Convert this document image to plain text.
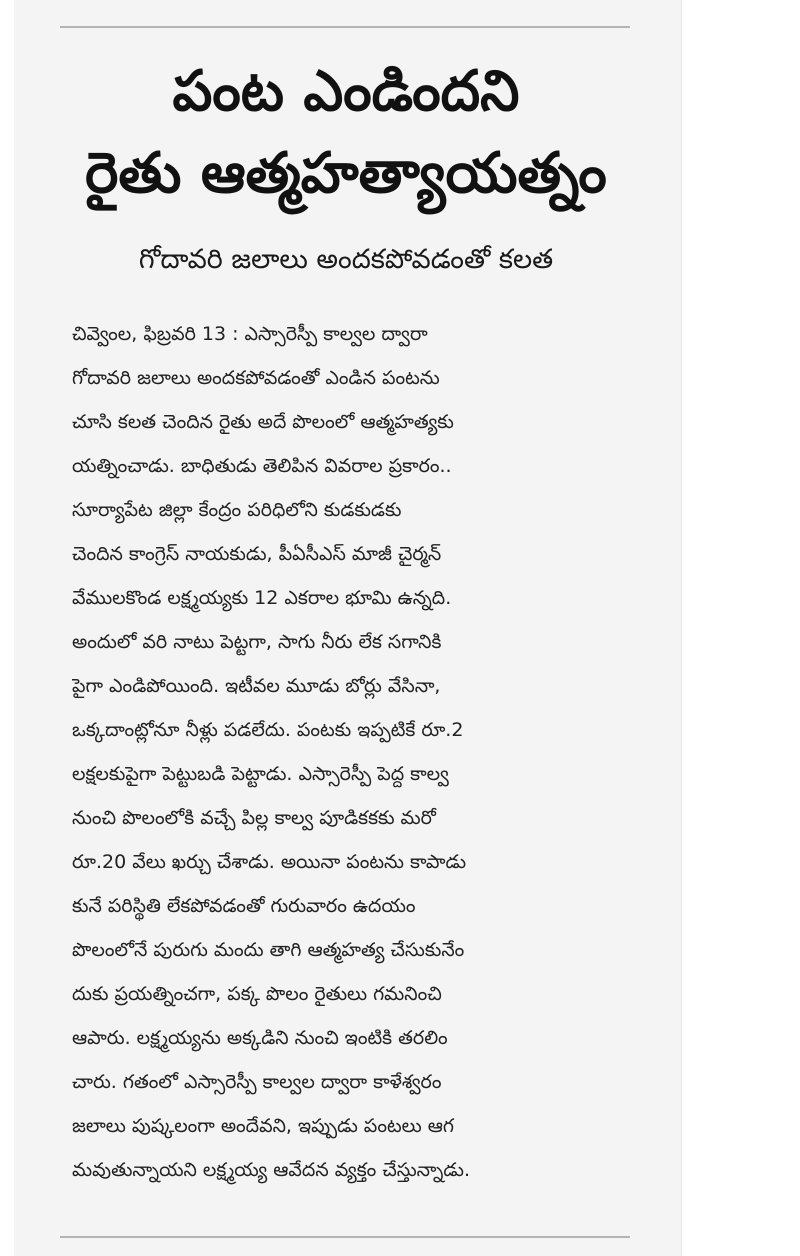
పంట ఎండిందని
రైతు ఆత్మహత్యాయత్నం
గోదావరి జలాలు అందకపోవడంతో కలత
చివ్వెంల, ఫిబ్రవరి 13 : ఎస్సారెస్పీ కాల్వల ద్వారా
గోదావరి జలాలు అందకపోవడంతో ఎండిన పంటను
చూసి కలత చెందిన రైతు అదే పొలంలో ఆత్మహత్యకు
యత్నించాడు. బాధితుడు తెలిపిన వివరాల ప్రకారం..
సూర్యాపేట జిల్లా కేంద్రం పరిధిలోని కుడకుడకు
చెందిన కాంగ్రెస్ నాయకుడు, పీఏసీఎస్ మాజీ చైర్మన్
వేములకొండ లక్ష్మయ్యకు 12 ఎకరాల భూమి ఉన్నది.
అందులో వరి నాటు పెట్టగా, సాగు నీరు లేక సగానికి
పైగా ఎండిపోయింది. ఇటీవల మూడు బోర్లు వేసినా,
ఒక్కదాంట్లోనూ నీళ్లు పడలేదు. పంటకు ఇప్పటికే రూ.2
లక్షలకుపైగా పెట్టుబడి పెట్టాడు. ఎస్సారెస్పీ పెద్ద కాల్వ
నుంచి పొలంలోకి వచ్చే పిల్ల కాల్వ పూడికకకు మరో
రూ.20 వేలు ఖర్చు చేశాడు. అయినా పంటను కాపాడు
కునే పరిస్థితి లేకపోవడంతో గురువారం ఉదయం
పొలంలోనే పురుగు మందు తాగి ఆత్మహత్య చేసుకునేం
దుకు ప్రయత్నించగా, పక్క పొలం రైతులు గమనించి
ఆపారు. లక్ష్మయ్యను అక్కడిని నుంచి ఇంటికి తరలిం
చారు. గతంలో ఎస్సారెస్పీ కాల్వల ద్వారా కాళేశ్వరం
జలాలు పుష్కలంగా అందేవని, ఇప్పుడు పంటలు ఆగ
మవుతున్నాయని లక్ష్మయ్య ఆవేదన వ్యక్తం చేస్తున్నాడు.
